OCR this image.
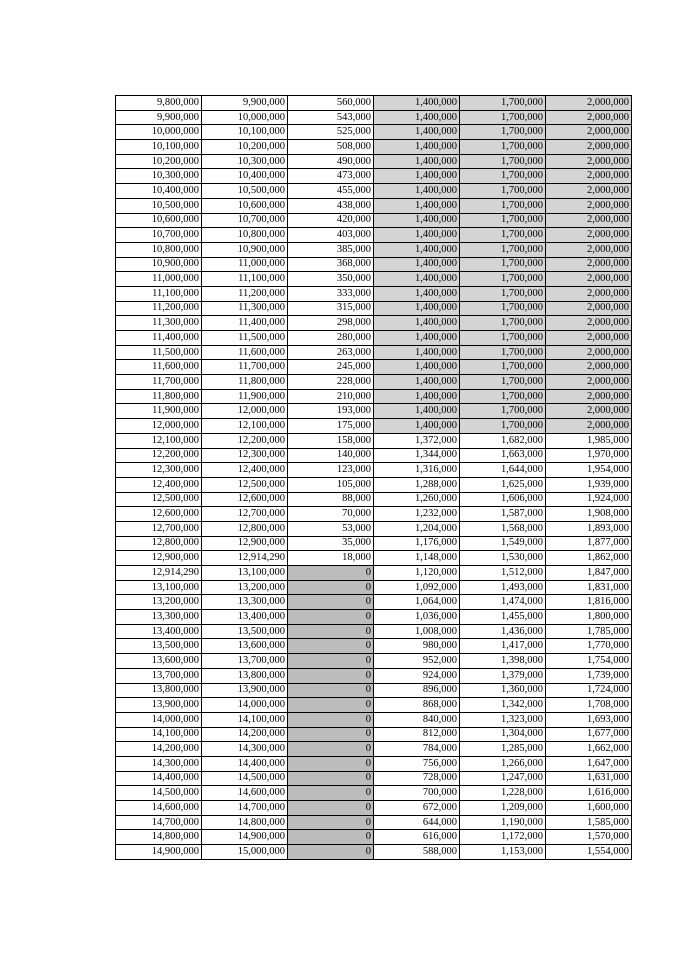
9,800,000	9,900,000	560,000	1,400,000	1,700,000	2,000,000
9,900,000	10,000,000	543,000	1,400,000	1,700,000	2,000,000
10,000,000	10,100,000	525,000	1,400,000	1,700,000	2,000,000
10,100,000	10,200,000	508,000	1,400,000	1,700,000	2,000,000
10,200,000	10,300,000	490,000	1,400,000	1,700,000	2,000,000
10,300,000	10,400,000	473,000	1,400,000	1,700,000	2,000,000
10,400,000	10,500,000	455,000	1,400,000	1,700,000	2,000,000
10,500,000	10,600,000	438,000	1,400,000	1,700,000	2,000,000
10,600,000	10,700,000	420,000	1,400,000	1,700,000	2,000,000
10,700,000	10,800,000	403,000	1,400,000	1,700,000	2,000,000
10,800,000	10,900,000	385,000	1,400,000	1,700,000	2,000,000
10,900,000	11,000,000	368,000	1,400,000	1,700,000	2,000,000
11,000,000	11,100,000	350,000	1,400,000	1,700,000	2,000,000
11,100,000	11,200,000	333,000	1,400,000	1,700,000	2,000,000
11,200,000	11,300,000	315,000	1,400,000	1,700,000	2,000,000
11,300,000	11,400,000	298,000	1,400,000	1,700,000	2,000,000
11,400,000	11,500,000	280,000	1,400,000	1,700,000	2,000,000
11,500,000	11,600,000	263,000	1,400,000	1,700,000	2,000,000
11,600,000	11,700,000	245,000	1,400,000	1,700,000	2,000,000
11,700,000	11,800,000	228,000	1,400,000	1,700,000	2,000,000
11,800,000	11,900,000	210,000	1,400,000	1,700,000	2,000,000
11,900,000	12,000,000	193,000	1,400,000	1,700,000	2,000,000
12,000,000	12,100,000	175,000	1,400,000	1,700,000	2,000,000
12,100,000	12,200,000	158,000	1,372,000	1,682,000	1,985,000
12,200,000	12,300,000	140,000	1,344,000	1,663,000	1,970,000
12,300,000	12,400,000	123,000	1,316,000	1,644,000	1,954,000
12,400,000	12,500,000	105,000	1,288,000	1,625,000	1,939,000
12,500,000	12,600,000	88,000	1,260,000	1,606,000	1,924,000
12,600,000	12,700,000	70,000	1,232,000	1,587,000	1,908,000
12,700,000	12,800,000	53,000	1,204,000	1,568,000	1,893,000
12,800,000	12,900,000	35,000	1,176,000	1,549,000	1,877,000
12,900,000	12,914,290	18,000	1,148,000	1,530,000	1,862,000
12,914,290	13,100,000	0	1,120,000	1,512,000	1,847,000
13,100,000	13,200,000	0	1,092,000	1,493,000	1,831,000
13,200,000	13,300,000	0	1,064,000	1,474,000	1,816,000
13,300,000	13,400,000	0	1,036,000	1,455,000	1,800,000
13,400,000	13,500,000	0	1,008,000	1,436,000	1,785,000
13,500,000	13,600,000	0	980,000	1,417,000	1,770,000
13,600,000	13,700,000	0	952,000	1,398,000	1,754,000
13,700,000	13,800,000	0	924,000	1,379,000	1,739,000
13,800,000	13,900,000	0	896,000	1,360,000	1,724,000
13,900,000	14,000,000	0	868,000	1,342,000	1,708,000
14,000,000	14,100,000	0	840,000	1,323,000	1,693,000
14,100,000	14,200,000	0	812,000	1,304,000	1,677,000
14,200,000	14,300,000	0	784,000	1,285,000	1,662,000
14,300,000	14,400,000	0	756,000	1,266,000	1,647,000
14,400,000	14,500,000	0	728,000	1,247,000	1,631,000
14,500,000	14,600,000	0	700,000	1,228,000	1,616,000
14,600,000	14,700,000	0	672,000	1,209,000	1,600,000
14,700,000	14,800,000	0	644,000	1,190,000	1,585,000
14,800,000	14,900,000	0	616,000	1,172,000	1,570,000
14,900,000	15,000,000	0	588,000	1,153,000	1,554,000
